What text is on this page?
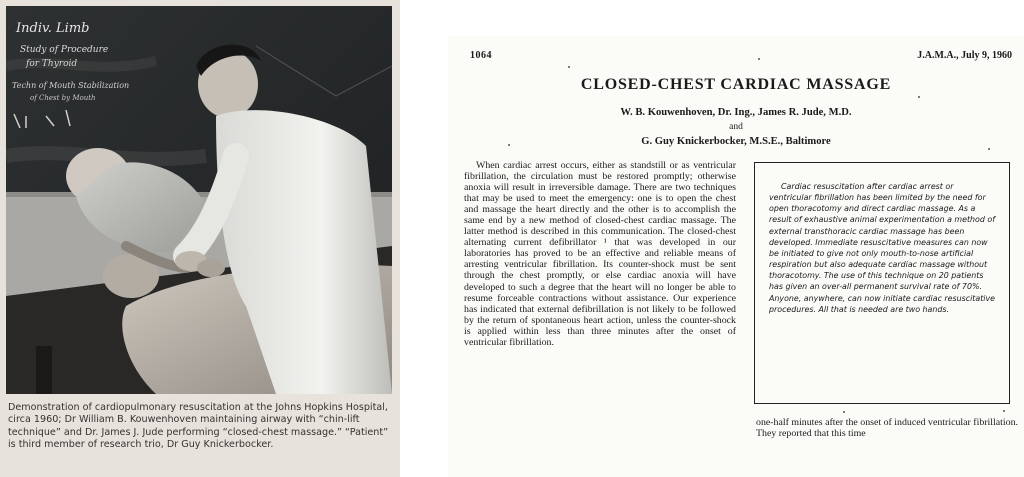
Indiv. Limb
Study of Procedure
for Thyroid
Techn of Mouth Stabilization
of Chest by Mouth
Demonstration of cardiopulmonary resuscitation at the Johns Hopkins Hospital, circa 1960; Dr William B. Kouwenhoven maintaining airway with “chin-lift technique” and Dr. James J. Jude performing “closed-chest massage.” “Patient” is third member of research trio, Dr Guy Knickerbocker.
1064	J.A.M.A., July 9, 1960
CLOSED-CHEST CARDIAC MASSAGE
W. B. Kouwenhoven, Dr. Ing., James R. Jude, M.D.
and
G. Guy Knickerbocker, M.S.E., Baltimore

When cardiac arrest occurs, either as standstill or as ventricular fibrillation, the circulation must be restored promptly; otherwise anoxia will result in irreversible damage. There are two techniques that may be used to meet the emergency: one is to open the chest and massage the heart directly and the other is to accomplish the same end by a new method of closed-chest cardiac massage. The latter method is described in this communication. The closed-chest alternating current defibrillator ¹ that was developed in our laboratories has proved to be an effective and reliable means of arresting ventricular fibrillation. Its counter-shock must be sent through the chest promptly, or else cardiac anoxia will have developed to such a degree that the heart will no longer be able to resume forceable contractions without assistance. Our experience has indicated that external defibrillation is not likely to be followed by the return of spontaneous heart action, unless the counter-shock is applied within less than three minutes after the onset of ventricular fibrillation.

Cardiac resuscitation after cardiac arrest or ventricular fibrillation has been limited by the need for open thoracotomy and direct cardiac massage. As a result of exhaustive animal experimentation a method of external transthoracic cardiac massage has been developed. Immediate resuscitative measures can now be initiated to give not only mouth-to-nose artificial respiration but also adequate cardiac massage without thoracotomy. The use of this technique on 20 patients has given an over-all permanent survival rate of 70%. Anyone, anywhere, can now initiate cardiac resuscitative procedures. All that is needed are two hands.

one-half minutes after the onset of induced ventricular fibrillation. They reported that this time
